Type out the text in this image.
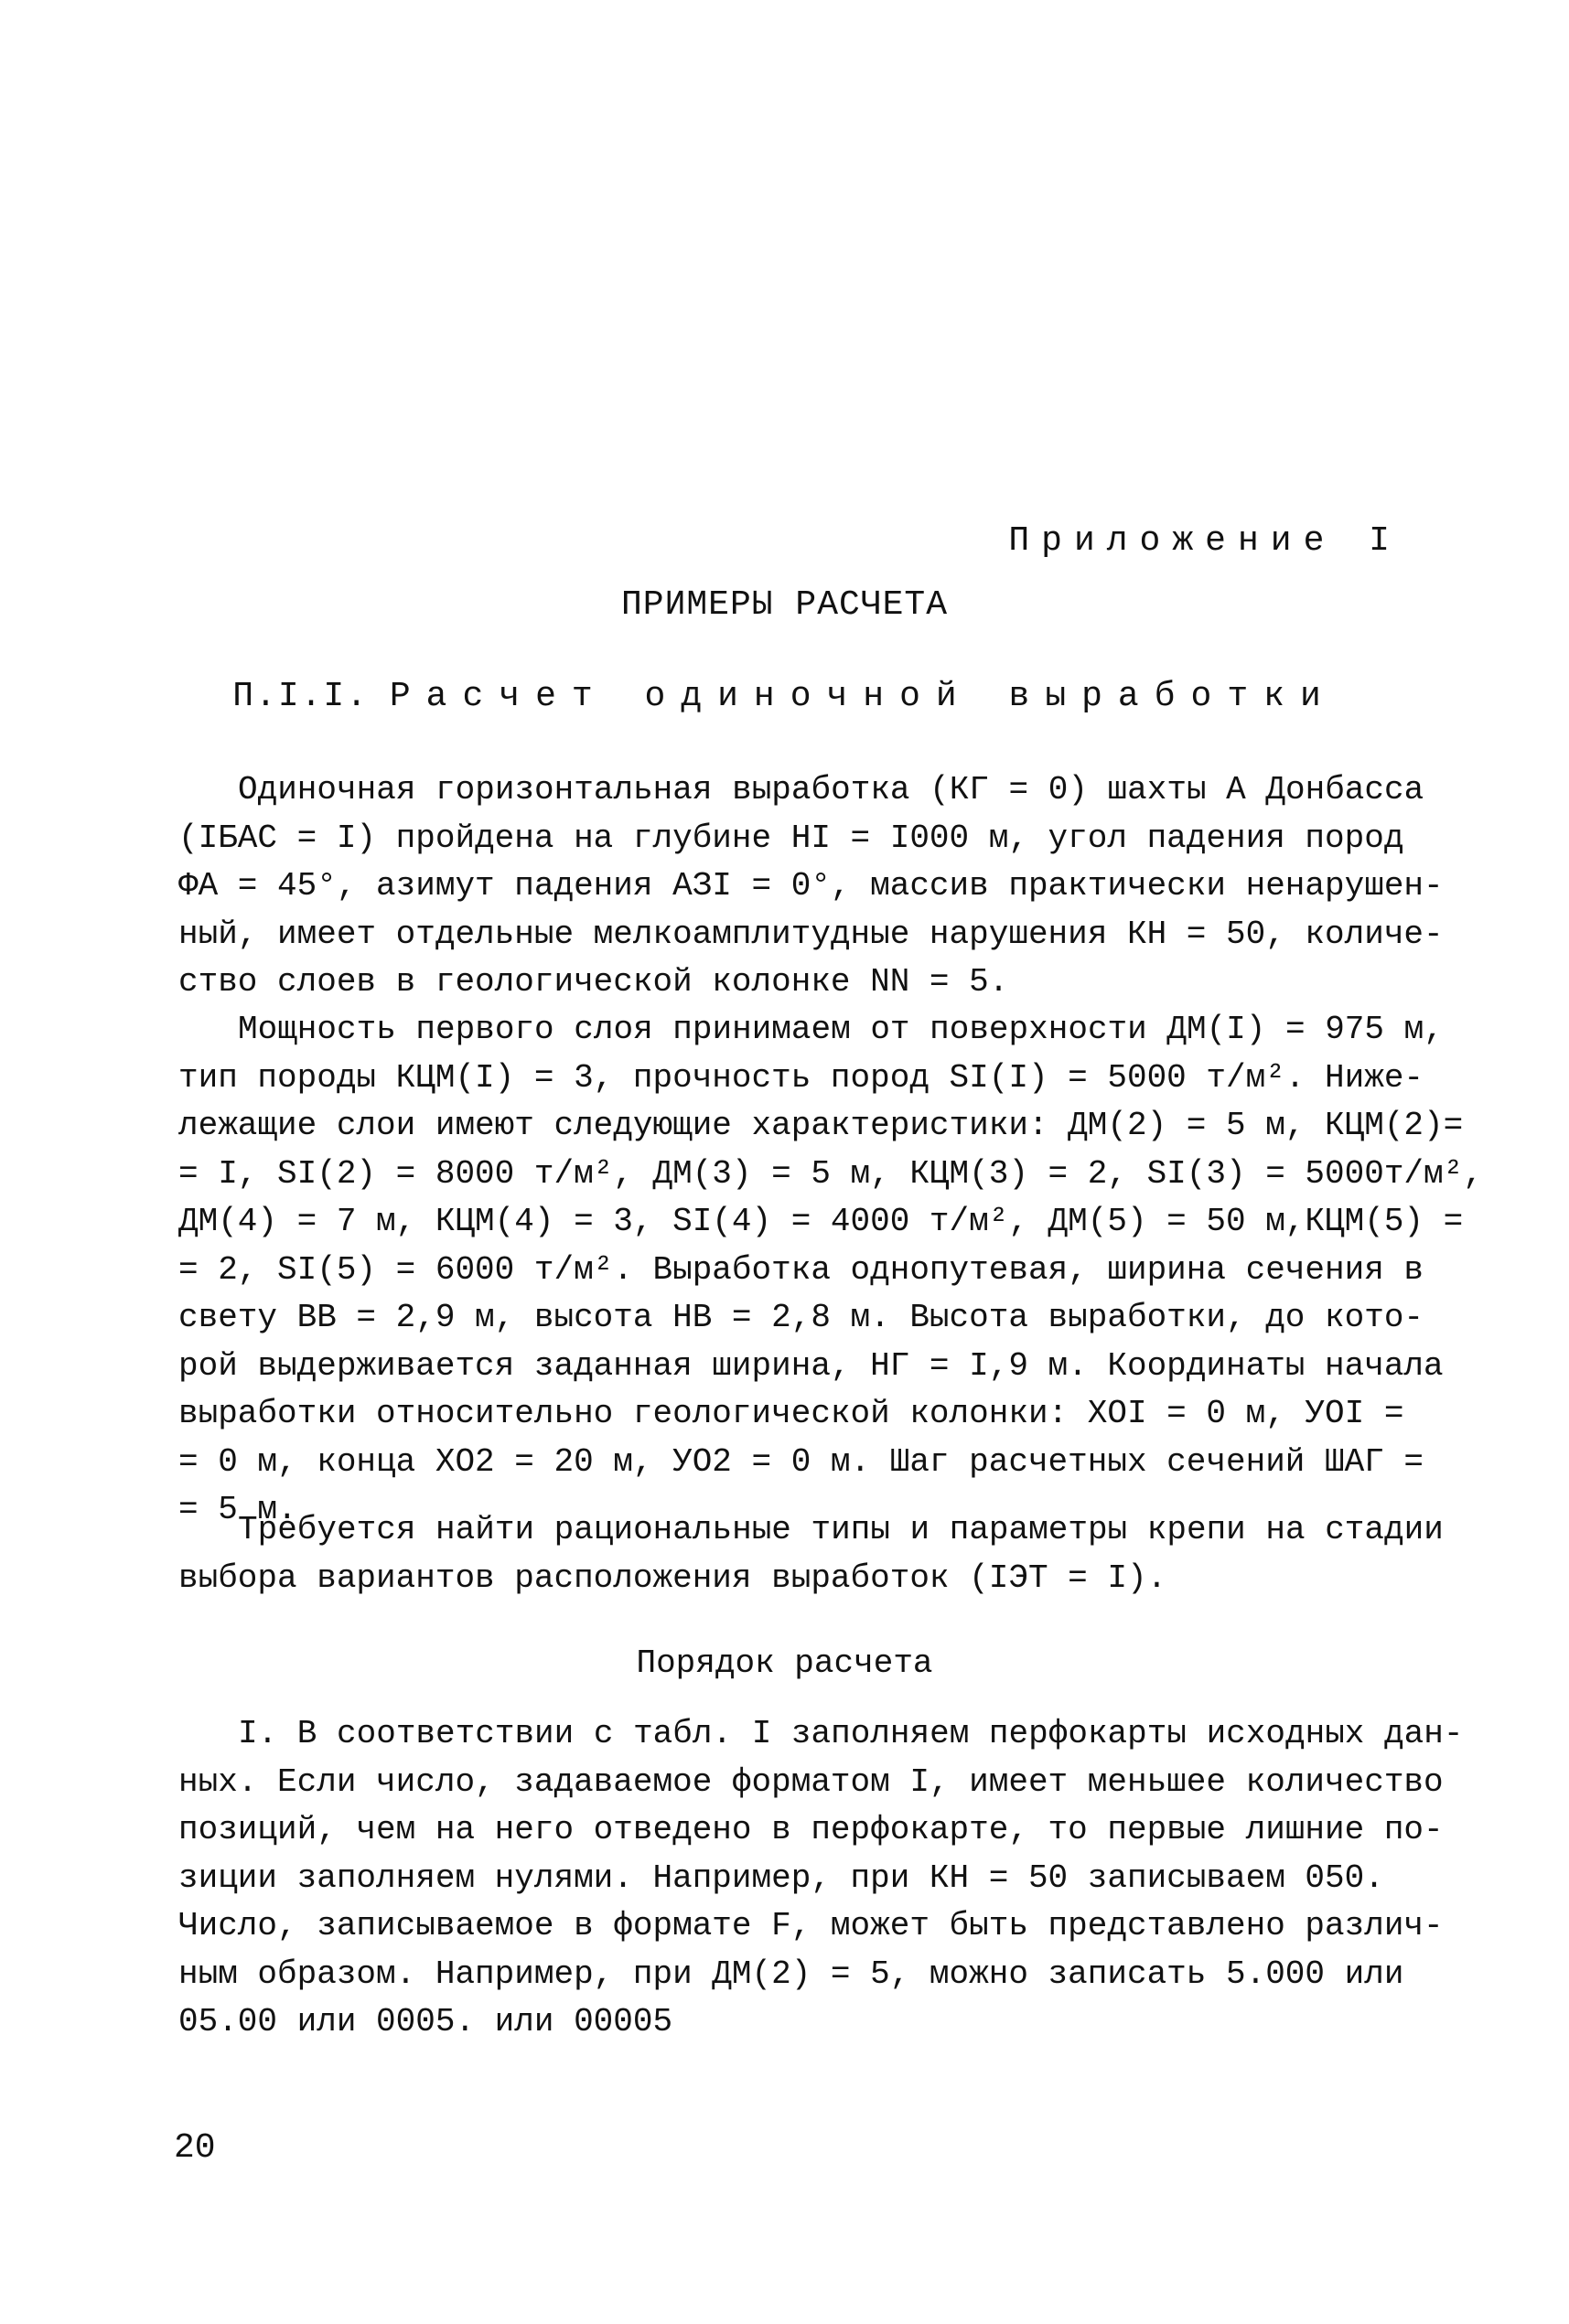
Приложение I
ПРИМЕРЫ РАСЧЕТА
П.I.I. Расчет одиночной выработки
Одиночная горизонтальная выработка (КГ = 0) шахты А Донбасса
(IБАС = I) пройдена на глубине HI = I000 м, угол падения пород
ФА = 45°, азимут падения АЗI = 0°, массив практически ненарушен-
ный, имеет отдельные мелкоамплитудные нарушения КН = 50, количе-
ство слоев в геологической колонке NN = 5.
Мощность первого слоя принимаем от поверхности ДМ(I) = 975 м,
тип породы КЦМ(I) = 3, прочность пород SI(I) = 5000 т/м². Ниже-
лежащие слои имеют следующие характеристики: ДМ(2) = 5 м, КЦМ(2)=
= I, SI(2) = 8000 т/м², ДМ(3) = 5 м, КЦМ(3) = 2, SI(3) = 5000т/м²,
ДМ(4) = 7 м, КЦМ(4) = 3, SI(4) = 4000 т/м², ДМ(5) = 50 м,КЦМ(5) =
= 2, SI(5) = 6000 т/м². Выработка однопутевая, ширина сечения в
свету ВВ = 2,9 м, высота НВ = 2,8 м. Высота выработки, до кото-
рой выдерживается заданная ширина, НГ = I,9 м. Координаты начала
выработки относительно геологической колонки: ХОI = 0 м, УОI =
= 0 м, конца ХО2 = 20 м, УО2 = 0 м. Шаг расчетных сечений ШАГ =
= 5 м.
Требуется найти рациональные типы и параметры крепи на стадии
выбора вариантов расположения выработок (IЭТ = I).
Порядок расчета
I. В соответствии с табл. I заполняем перфокарты исходных дан-
ных. Если число, задаваемое форматом I, имеет меньшее количество
позиций, чем на него отведено в перфокарте, то первые лишние по-
зиции заполняем нулями. Например, при КН = 50 записываем 050.
Число, записываемое в формате F, может быть представлено различ-
ным образом. Например, при ДМ(2) = 5, можно записать 5.000 или
05.00 или 0005. или 00005
20
